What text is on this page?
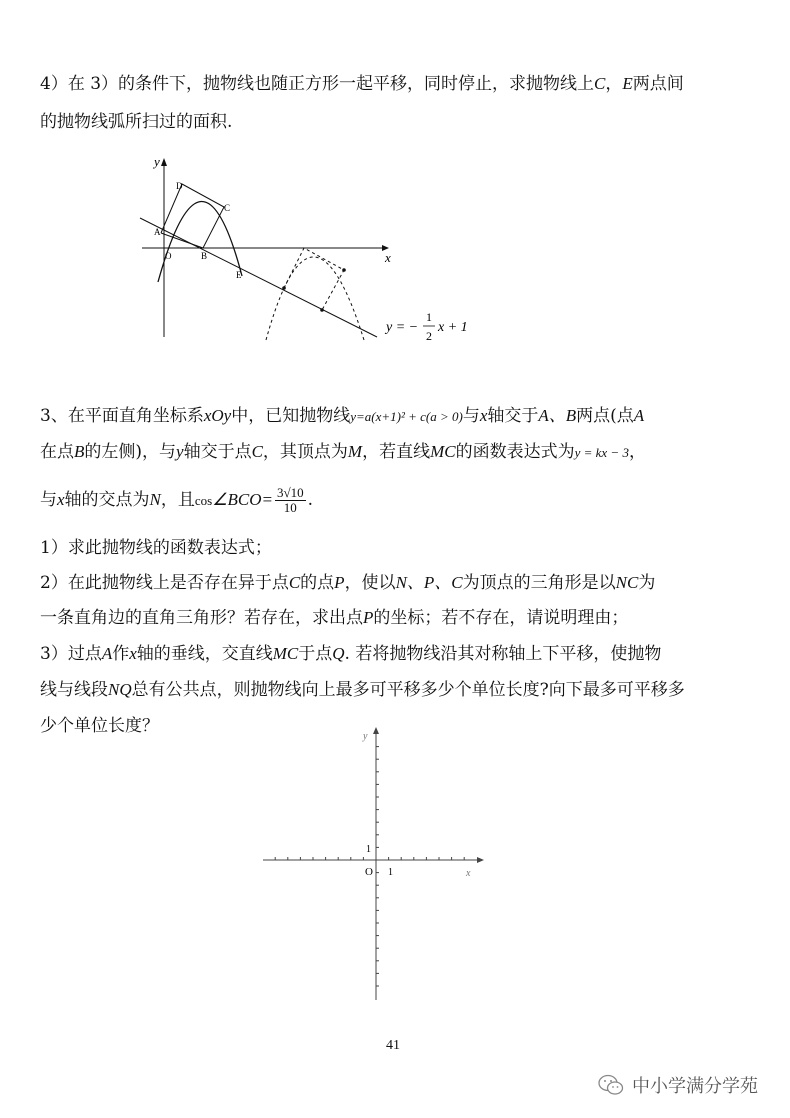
4）在 3）的条件下，抛物线也随正方形一起平移，同时停止，求抛物线上C，E两点间
的抛物线弧所扫过的面积.
y
x
D
C
A
O	B
E
y = −
1
2
x + 1
3、在平面直角坐标系xOy中，已知抛物线y=a(x+1)² + c(a > 0)与x轴交于A、B两点(点A
在点B的左侧)，与y轴交于点C，其顶点为M，若直线MC的函数表达式为y = kx − 3，
与x轴的交点为N，且cos∠BCO= $\frac{3√10}{10}$ .
1）求此抛物线的函数表达式；
2）在此抛物线上是否存在异于点C的点P，使以N、P、C为顶点的三角形是以NC为
一条直角边的直角三角形？若存在，求出点P的坐标；若不存在，请说明理由；
3）过点A作x轴的垂线，交直线MC于点Q. 若将抛物线沿其对称轴上下平移，使抛物
线与线段NQ总有公共点，则抛物线向上最多可平移多少个单位长度?向下最多可平移多
少个单位长度？
y
x
O 1
1
41
中小学满分学苑
